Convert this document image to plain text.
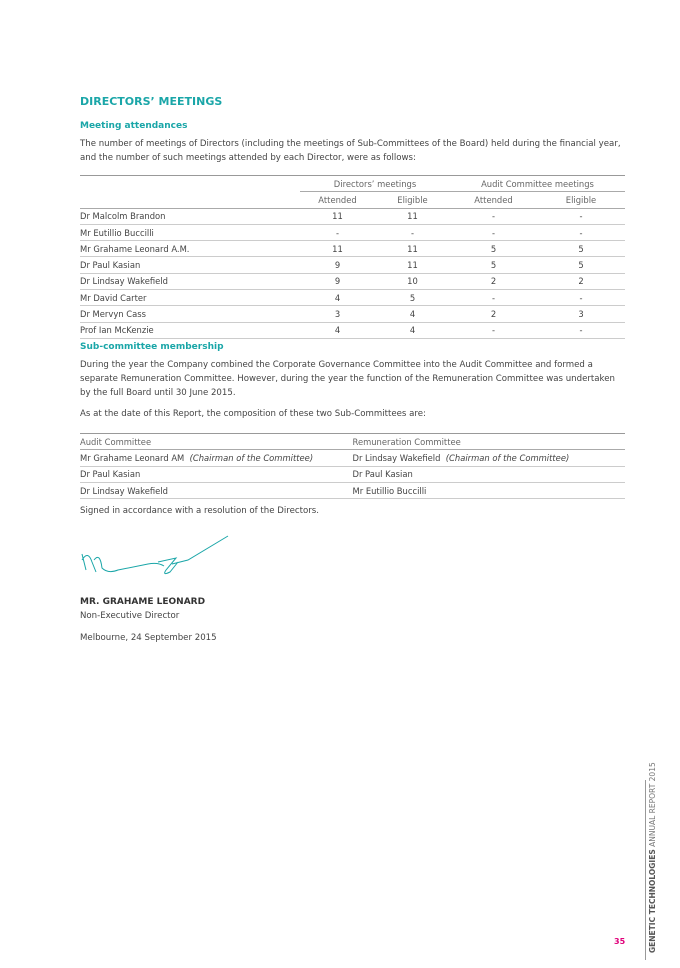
DIRECTORS’ MEETINGS
Meeting attendances

The number of meetings of Directors (including the meetings of Sub-Committees of the Board) held during the financial year, and the number of such meetings attended by each Director, were as follows:

	Directors’ meetings		Audit Committee meetings	
	Attended	Eligible	Attended	Eligible
Dr Malcolm Brandon	11	11	-	-
Mr Eutillio Buccilli	-	-	-	-
Mr Grahame Leonard A.M.	11	11	5	5
Dr Paul Kasian	9	11	5	5
Dr Lindsay Wakefield	9	10	2	2
Mr David Carter	4	5	-	-
Dr Mervyn Cass	3	4	2	3
Prof Ian McKenzie	4	4	-	-
Sub-committee membership

During the year the Company combined the Corporate Governance Committee into the Audit Committee and formed a separate Remuneration Committee. However, during the year the function of the Remuneration Committee was undertaken by the full Board until 30 June 2015.

As at the date of this Report, the composition of these two Sub-Committees are:

Audit Committee	Remuneration Committee
Mr Grahame Leonard AM (Chairman of the Committee)	Dr Lindsay Wakefield (Chairman of the Committee)
Dr Paul Kasian	Dr Paul Kasian
Dr Lindsay Wakefield	Mr Eutillio Buccilli

Signed in accordance with a resolution of the Directors.

MR. GRAHAME LEONARD
Non-Executive Director
Melbourne, 24 September 2015
GENETIC TECHNOLOGIES ANNUAL REPORT 2015
35
